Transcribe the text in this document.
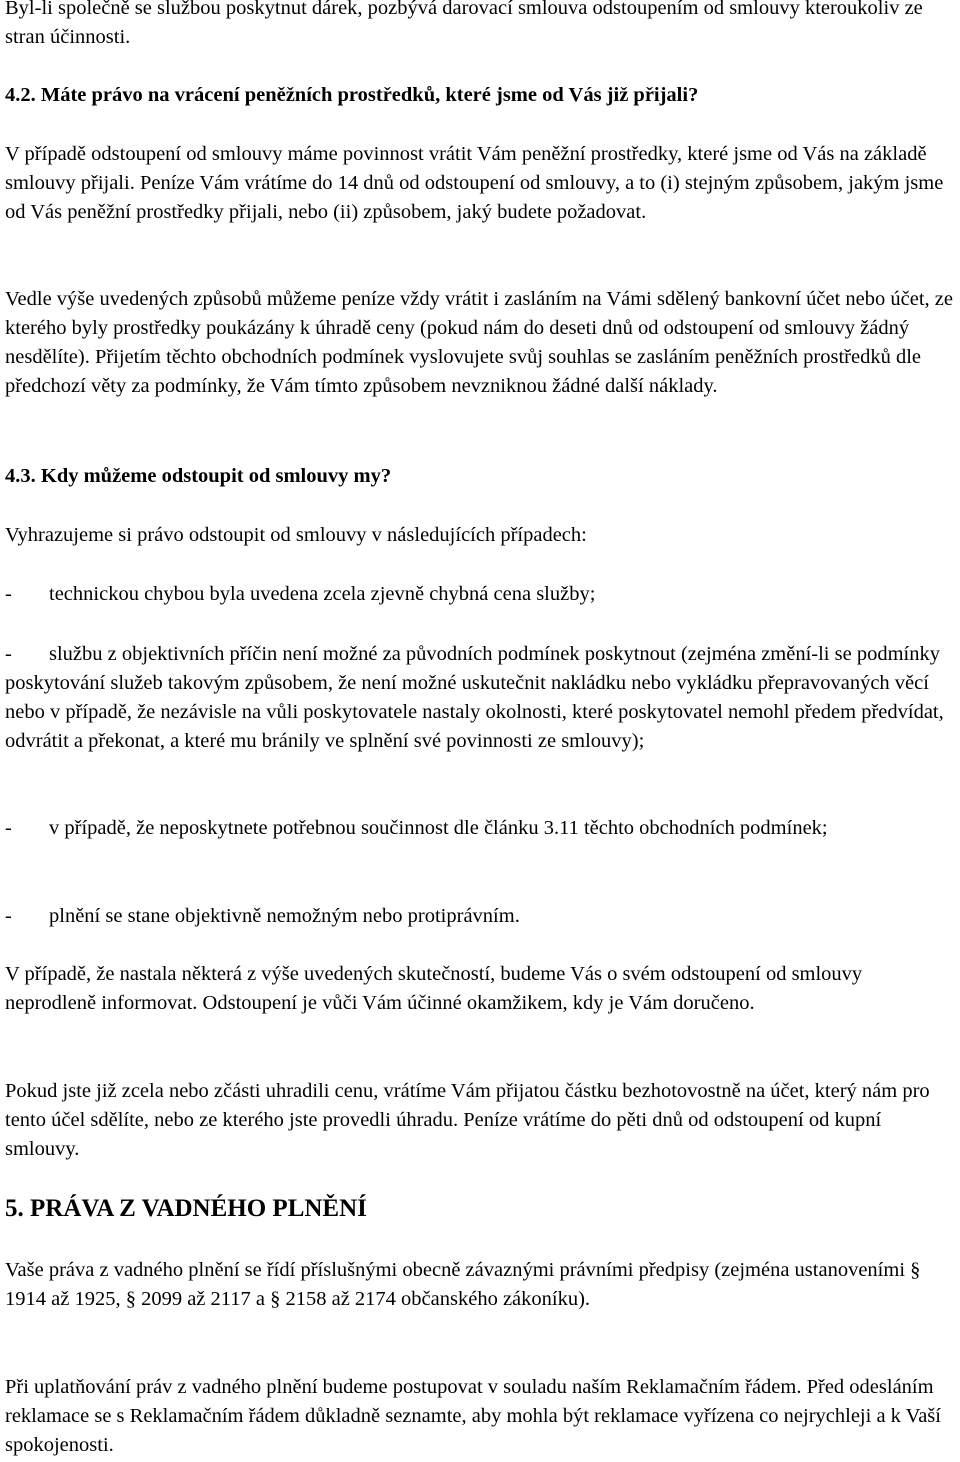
Byl-li společně se službou poskytnut dárek, pozbývá darovací smlouva odstoupením od smlouvy kteroukoliv ze stran účinnosti.

4.2. Máte právo na vrácení peněžních prostředků, které jsme od Vás již přijali?

V případě odstoupení od smlouvy máme povinnost vrátit Vám peněžní prostředky, které jsme od Vás na základě smlouvy přijali. Peníze Vám vrátíme do 14 dnů od odstoupení od smlouvy, a to (i) stejným způsobem, jakým jsme od Vás peněžní prostředky přijali, nebo (ii) způsobem, jaký budete požadovat.

Vedle výše uvedených způsobů můžeme peníze vždy vrátit i zasláním na Vámi sdělený bankovní účet nebo účet, ze kterého byly prostředky poukázány k úhradě ceny (pokud nám do deseti dnů od odstoupení od smlouvy žádný nesdělíte). Přijetím těchto obchodních podmínek vyslovujete svůj souhlas se zasláním peněžních prostředků dle předchozí věty za podmínky, že Vám tímto způsobem nevzniknou žádné další náklady.

4.3. Kdy můžeme odstoupit od smlouvy my?

Vyhrazujeme si právo odstoupit od smlouvy v následujících případech:

- technickou chybou byla uvedena zcela zjevně chybná cena služby;

- službu z objektivních příčin není možné za původních podmínek poskytnout (zejména změní-li se podmínky poskytování služeb takovým způsobem, že není možné uskutečnit nakládku nebo vykládku přepravovaných věcí nebo v případě, že nezávisle na vůli poskytovatele nastaly okolnosti, které poskytovatel nemohl předem předvídat, odvrátit a překonat, a které mu bránily ve splnění své povinnosti ze smlouvy);

- v případě, že neposkytnete potřebnou součinnost dle článku 3.11 těchto obchodních podmínek;

- plnění se stane objektivně nemožným nebo protiprávním.

V případě, že nastala některá z výše uvedených skutečností, budeme Vás o svém odstoupení od smlouvy neprodleně informovat. Odstoupení je vůči Vám účinné okamžikem, kdy je Vám doručeno.

Pokud jste již zcela nebo zčásti uhradili cenu, vrátíme Vám přijatou částku bezhotovostně na účet, který nám pro tento účel sdělíte, nebo ze kterého jste provedli úhradu. Peníze vrátíme do pěti dnů od odstoupení od kupní smlouvy.

5. PRÁVA Z VADNÉHO PLNĚNÍ

Vaše práva z vadného plnění se řídí příslušnými obecně závaznými právními předpisy (zejména ustanoveními § 1914 až 1925, § 2099 až 2117 a § 2158 až 2174 občanského zákoníku).

Při uplatňování práv z vadného plnění budeme postupovat v souladu naším Reklamačním řádem. Před odesláním reklamace se s Reklamačním řádem důkladně seznamte, aby mohla být reklamace vyřízena co nejrychleji a k Vaší spokojenosti.
